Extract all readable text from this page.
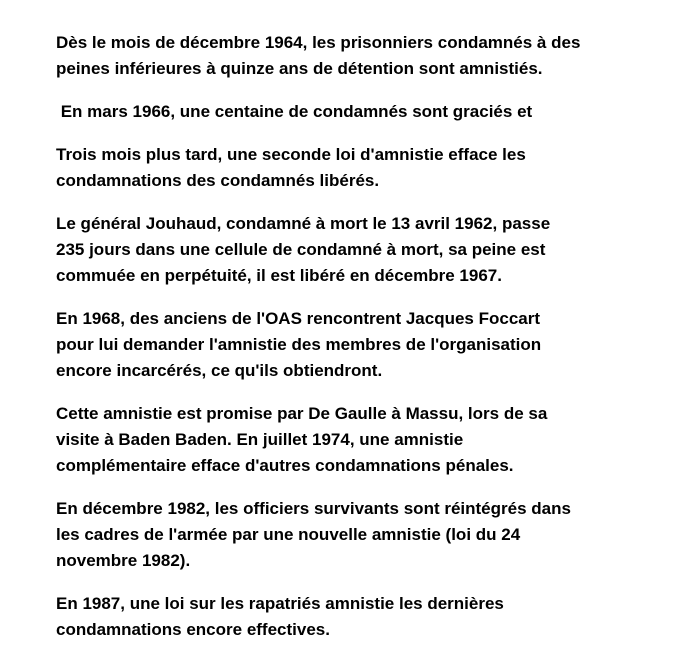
Dès le mois de décembre 1964, les prisonniers condamnés à des
peines inférieures à quinze ans de détention sont amnistiés.

En mars 1966, une centaine de condamnés sont graciés et

Trois mois plus tard, une seconde loi d'amnistie efface les
condamnations des condamnés libérés.

Le général Jouhaud, condamné à mort le 13 avril 1962, passe
235 jours dans une cellule de condamné à mort, sa peine est
commuée en perpétuité, il est libéré en décembre 1967.

En 1968, des anciens de l'OAS rencontrent Jacques Foccart
pour lui demander l'amnistie des membres de l'organisation
encore incarcérés, ce qu'ils obtiendront.

Cette amnistie est promise par De Gaulle à Massu, lors de sa
visite à Baden Baden. En juillet 1974, une amnistie
complémentaire efface d'autres condamnations pénales.

En décembre 1982, les officiers survivants sont réintégrés dans
les cadres de l'armée par une nouvelle amnistie (loi du 24
novembre 1982).

En 1987, une loi sur les rapatriés amnistie les dernières
condamnations encore effectives.
